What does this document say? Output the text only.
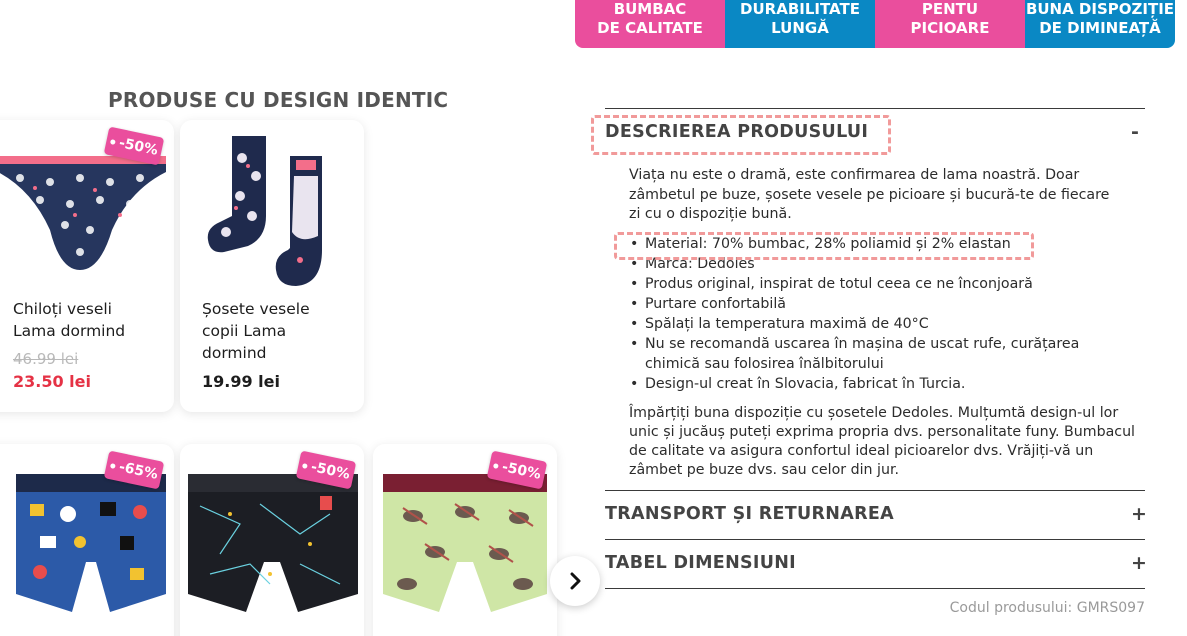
BUMBAC
DE CALITATE
DURABILITATE
LUNGĂ
PENTU
PICIOARE
BUNA DISPOZIȚIE
DE DIMINEAȚĂ
PRODUSE CU DESIGN IDENTIC
-50%
Chiloți veseli Lama dormind
46.99 lei
23.50 lei
Șosete vesele copii Lama dormind
19.99 lei
-65%	-50%	-50%
DESCRIEREA PRODUSULUI	-

Viața nu este o dramă, este confirmarea de lama noastră. Doar zâmbetul pe buze, șosete vesele pe picioare și bucură-te de fiecare zi cu o dispoziție bună.

• Material: 70% bumbac, 28% poliamid și 2% elastan
• Marca: Dedoles
• Produs original, inspirat de totul ceea ce ne înconjoară
• Purtare confortabilă
• Spălați la temperatura maximă de 40°C
• Nu se recomandă uscarea în mașina de uscat rufe, curățarea chimică sau folosirea înălbitorului
• Design-ul creat în Slovacia, fabricat în Turcia.

Împărțiți buna dispoziție cu șosetele Dedoles. Mulțumtă design-ul lor unic și jucăuș puteți exprima propria dvs. personalitate funy. Bumbacul de calitate va asigura confortul ideal picioarelor dvs. Vrăjiți-vă un zâmbet pe buze dvs. sau celor din jur.

TRANSPORT ȘI RETURNAREA	+
TABEL DIMENSIUNI	+
Codul produsului: GMRS097
